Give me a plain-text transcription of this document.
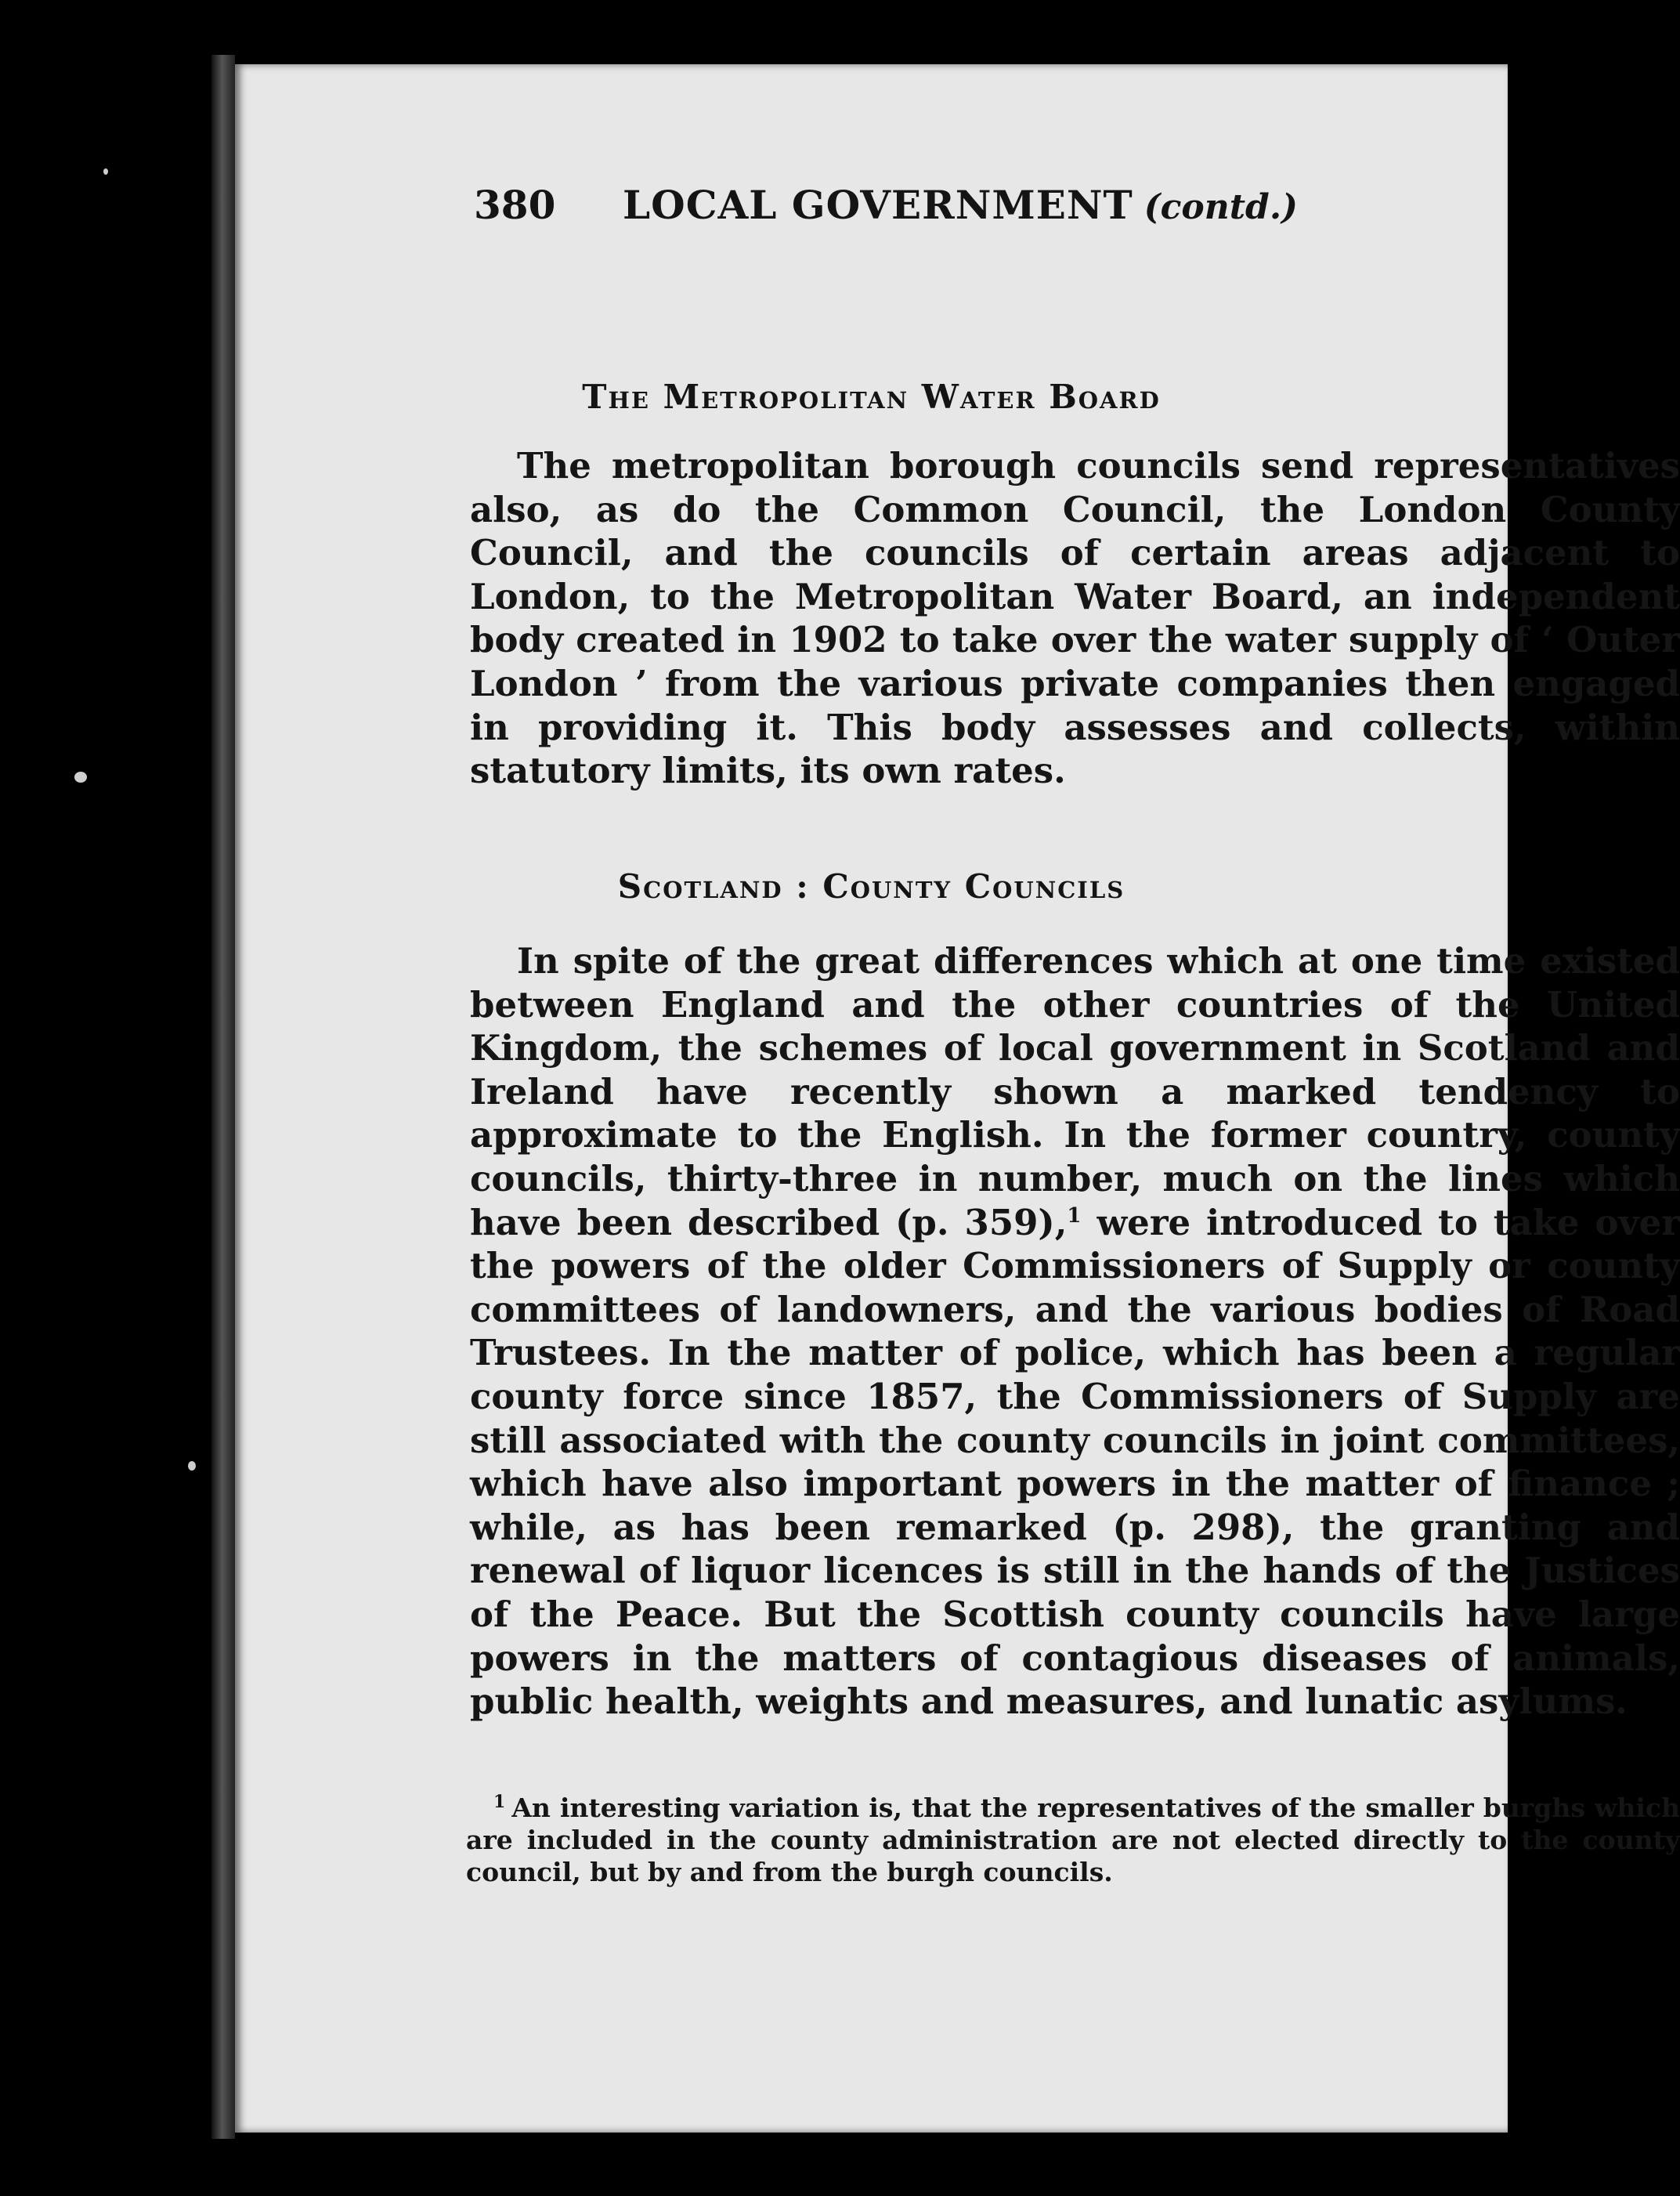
380 LOCAL GOVERNMENT (contd.)
The Metropolitan Water Board

The metropolitan borough councils send representatives also, as do the Common Council, the London County Council, and the councils of certain areas adjacent to London, to the Metropolitan Water Board, an independent body created in 1902 to take over the water supply of ‘ Outer London ’ from the various private companies then engaged in providing it. This body assesses and collects, within statutory limits, its own rates.

Scotland : County Councils

In spite of the great differences which at one time existed between England and the other countries of the United Kingdom, the schemes of local government in Scotland and Ireland have recently shown a marked tendency to approximate to the English. In the former country, county councils, thirty-three in number, much on the lines which have been described (p. 359),$^1$ were introduced to take over the powers of the older Commissioners of Supply or county committees of landowners, and the various bodies of Road Trustees. In the matter of police, which has been a regular county force since 1857, the Commissioners of Supply are still associated with the county councils in joint committees, which have also important powers in the matter of finance ; while, as has been remarked (p. 298), the granting and renewal of liquor licences is still in the hands of the Justices of the Peace. But the Scottish county councils have large powers in the matters of contagious diseases of animals, public health, weights and measures, and lunatic asylums.

$^1$ An interesting variation is, that the representatives of the smaller burghs which are included in the county administration are not elected directly to the county council, but by and from the burgh councils.
